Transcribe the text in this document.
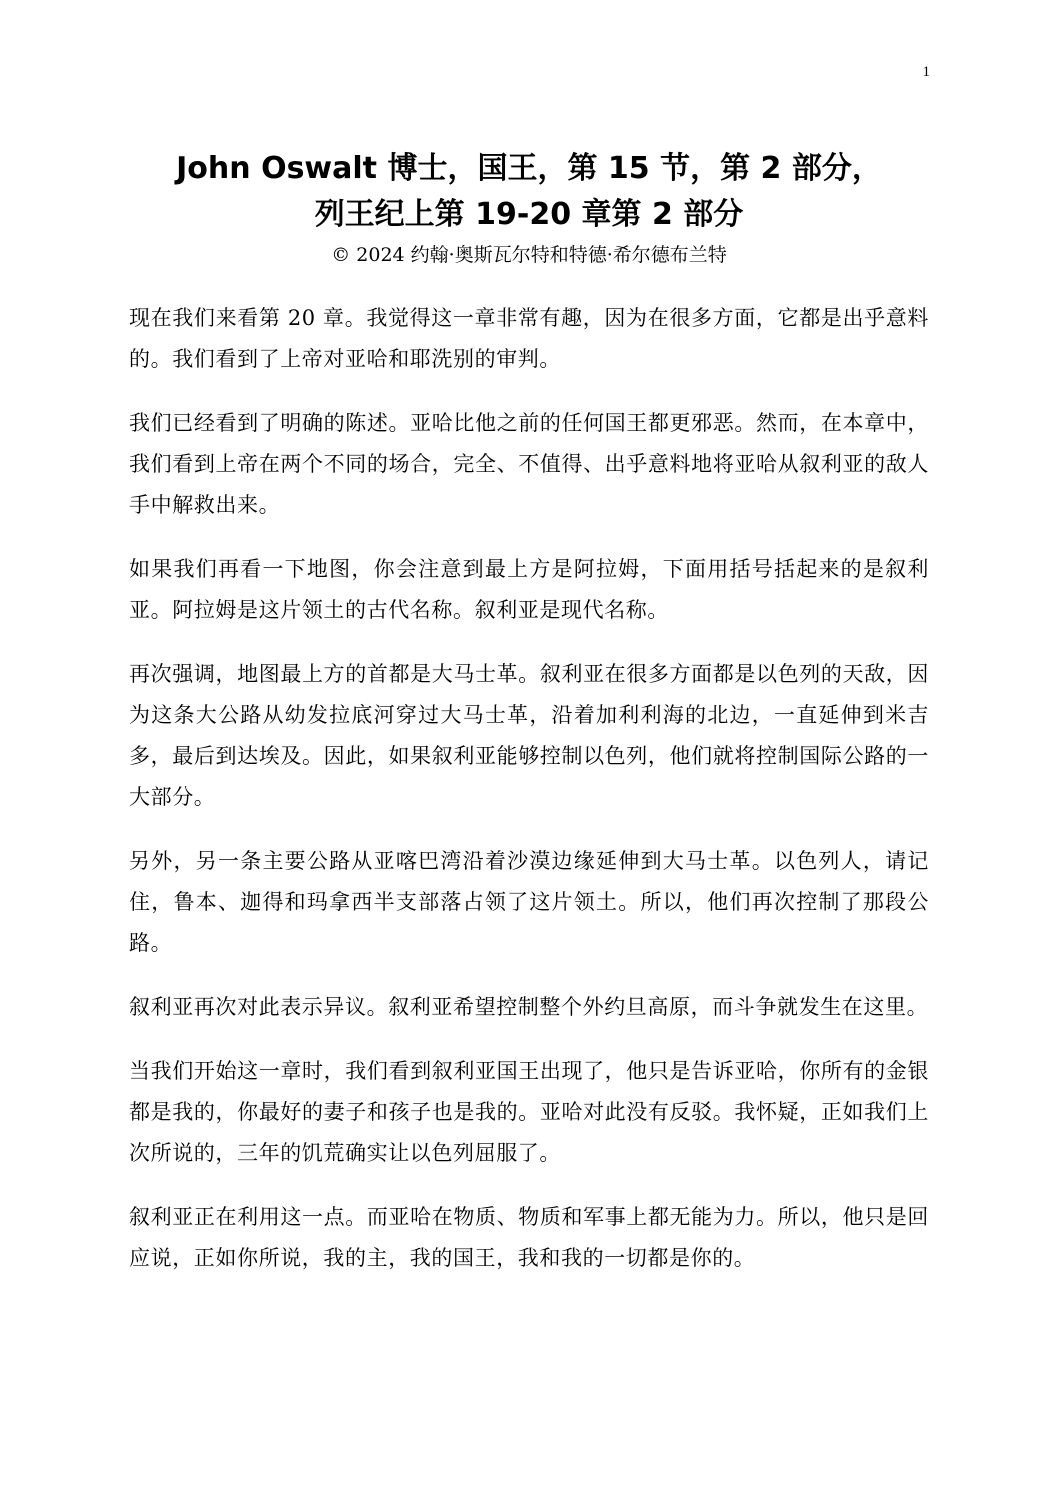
1
John Oswalt 博士，国王，第 15 节，第 2 部分，
列王纪上第 19-20 章第 2 部分
© 2024 约翰·奥斯瓦尔特和特德·希尔德布兰特

现在我们来看第 20 章。我觉得这一章非常有趣，因为在很多方面，它都是出乎意料的。我们看到了上帝对亚哈和耶洗别的审判。

我们已经看到了明确的陈述。亚哈比他之前的任何国王都更邪恶。然而，在本章中，我们看到上帝在两个不同的场合，完全、不值得、出乎意料地将亚哈从叙利亚的敌人手中解救出来。

如果我们再看一下地图，你会注意到最上方是阿拉姆，下面用括号括起来的是叙利亚。阿拉姆是这片领土的古代名称。叙利亚是现代名称。

再次强调，地图最上方的首都是大马士革。叙利亚在很多方面都是以色列的天敌，因为这条大公路从幼发拉底河穿过大马士革，沿着加利利海的北边，一直延伸到米吉多，最后到达埃及。因此，如果叙利亚能够控制以色列，他们就将控制国际公路的一大部分。

另外，另一条主要公路从亚喀巴湾沿着沙漠边缘延伸到大马士革。以色列人，请记住，鲁本、迦得和玛拿西半支部落占领了这片领土。所以，他们再次控制了那段公路。

叙利亚再次对此表示异议。叙利亚希望控制整个外约旦高原，而斗争就发生在这里。

当我们开始这一章时，我们看到叙利亚国王出现了，他只是告诉亚哈，你所有的金银都是我的，你最好的妻子和孩子也是我的。亚哈对此没有反驳。我怀疑，正如我们上次所说的，三年的饥荒确实让以色列屈服了。

叙利亚正在利用这一点。而亚哈在物质、物质和军事上都无能为力。所以，他只是回应说，正如你所说，我的主，我的国王，我和我的一切都是你的。
